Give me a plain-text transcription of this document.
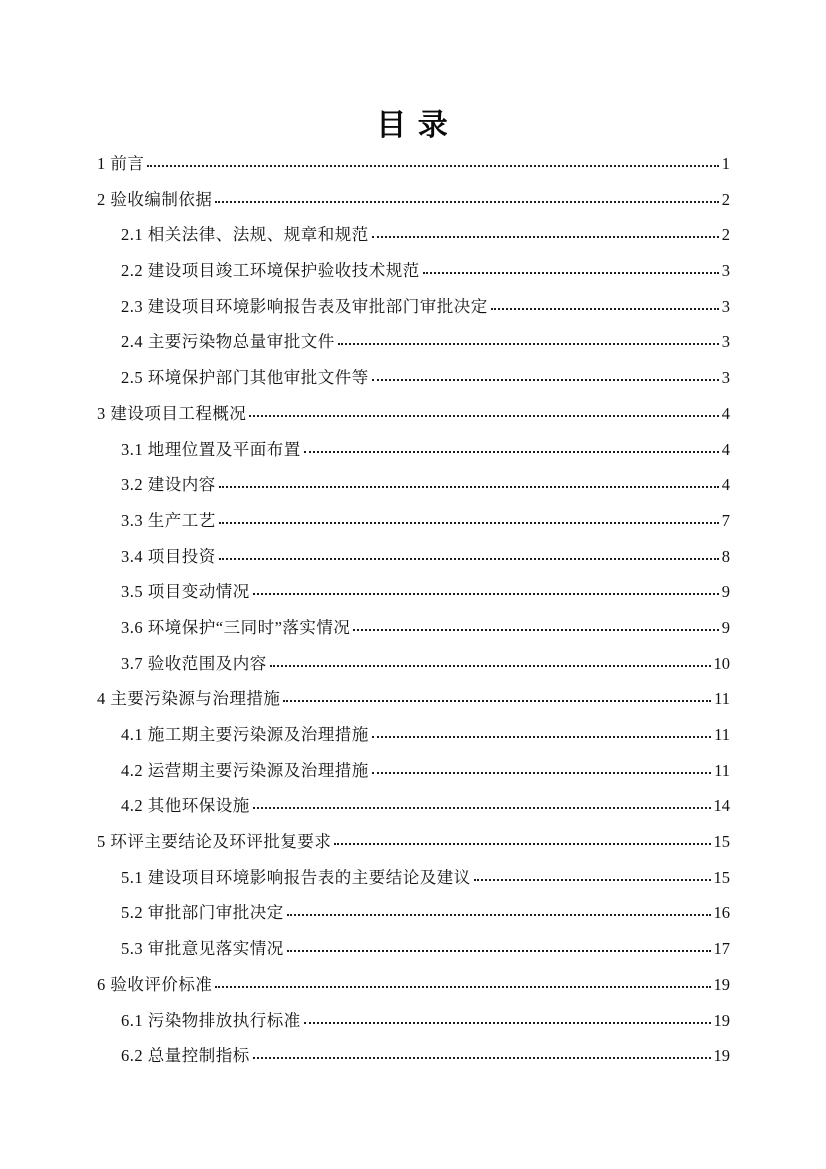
目 录
1 前言	1
2 验收编制依据	2
2.1 相关法律、法规、规章和规范	2
2.2 建设项目竣工环境保护验收技术规范	3
2.3 建设项目环境影响报告表及审批部门审批决定	3
2.4 主要污染物总量审批文件	3
2.5 环境保护部门其他审批文件等	3
3 建设项目工程概况	4
3.1 地理位置及平面布置	4
3.2 建设内容	4
3.3 生产工艺	7
3.4 项目投资	8
3.5 项目变动情况	9
3.6 环境保护“三同时”落实情况	9
3.7 验收范围及内容	10
4 主要污染源与治理措施	11
4.1 施工期主要污染源及治理措施	11
4.2 运营期主要污染源及治理措施	11
4.2 其他环保设施	14
5 环评主要结论及环评批复要求	15
5.1 建设项目环境影响报告表的主要结论及建议	15
5.2 审批部门审批决定	16
5.3 审批意见落实情况	17
6 验收评价标准	19
6.1 污染物排放执行标准	19
6.2 总量控制指标	19
